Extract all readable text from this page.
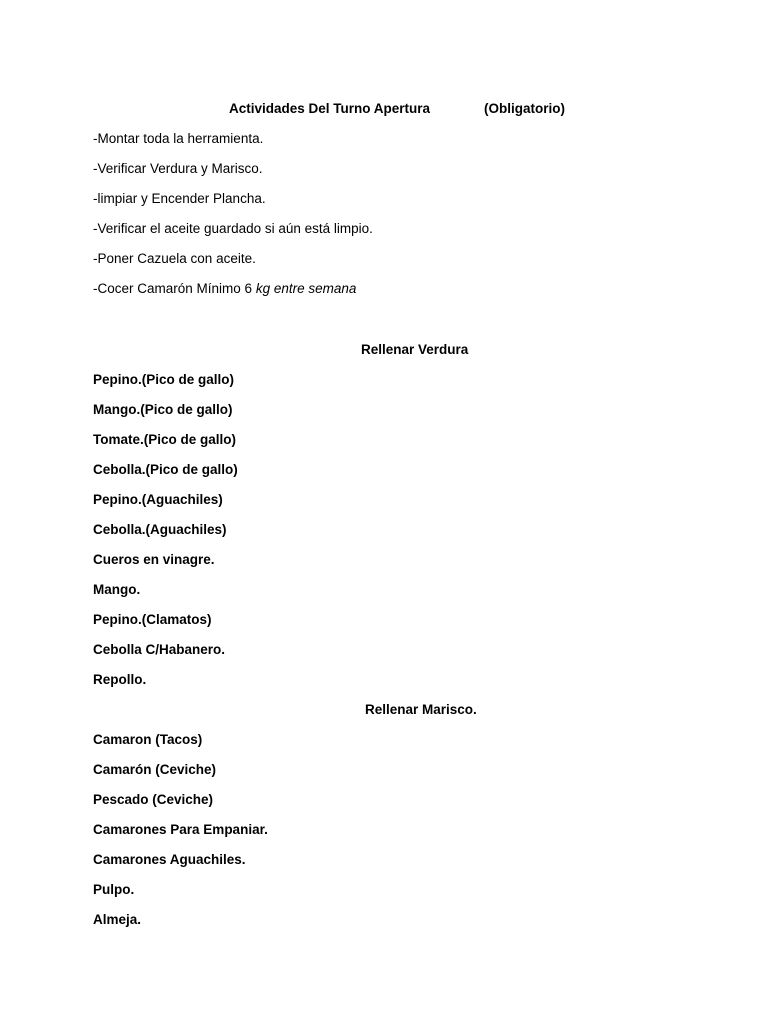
Actividades Del Turno Apertura	(Obligatorio)
-Montar toda la herramienta.
-Verificar Verdura y Marisco.
-limpiar y Encender Plancha.
-Verificar el aceite guardado si aún está limpio.
-Poner Cazuela con aceite.
-Cocer Camarón Mínimo 6 kg entre semana
Rellenar Verdura
Pepino.(Pico de gallo)
Mango.(Pico de gallo)
Tomate.(Pico de gallo)
Cebolla.(Pico de gallo)
Pepino.(Aguachiles)
Cebolla.(Aguachiles)
Cueros en vinagre.
Mango.
Pepino.(Clamatos)
Cebolla C/Habanero.
Repollo.
Rellenar Marisco.
Camaron (Tacos)
Camarón (Ceviche)
Pescado (Ceviche)
Camarones Para Empaniar.
Camarones Aguachiles.
Pulpo.
Almeja.
